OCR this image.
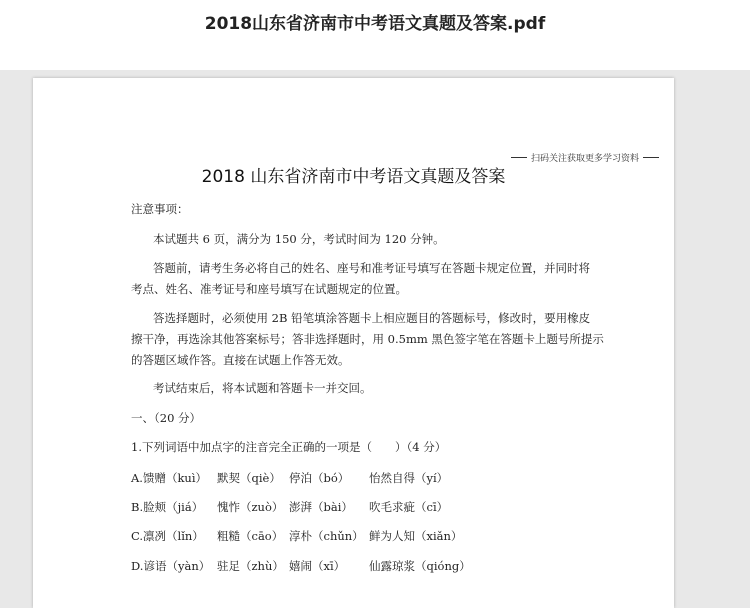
2018山东省济南市中考语文真题及答案.pdf
扫码关注获取更多学习资料
2018 山东省济南市中考语文真题及答案
注意事项：
本试题共 6 页，满分为 150 分，考试时间为 120 分钟。
答题前，请考生务必将自己的姓名、座号和准考证号填写在答题卡规定位置，并同时将
考点、姓名、准考证号和座号填写在试题规定的位置。
答选择题时，必须使用 2B 铅笔填涂答题卡上相应题目的答题标号，修改时，要用橡皮
擦干净，再选涂其他答案标号；答非选择题时，用 0.5mm 黑色签字笔在答题卡上题号所提示
的答题区域作答。直接在试题上作答无效。
考试结束后，将本试题和答题卡一并交回。
一、（20 分）
1.下列词语中加点字的注音完全正确的一项是（　　）（4 分）
A.馈赠（kuì） 默契（qiè） 停泊（bó） 怡然自得（yí）
B.脸颊（jiá） 愧怍（zuò） 澎湃（bài） 吹毛求疵（cī）
C.凛冽（lǐn） 粗糙（cāo） 淳朴（chǔn） 鲜为人知（xiǎn）
D.谚语（yàn） 驻足（zhù） 嬉闹（xī） 仙露琼浆（qióng）
